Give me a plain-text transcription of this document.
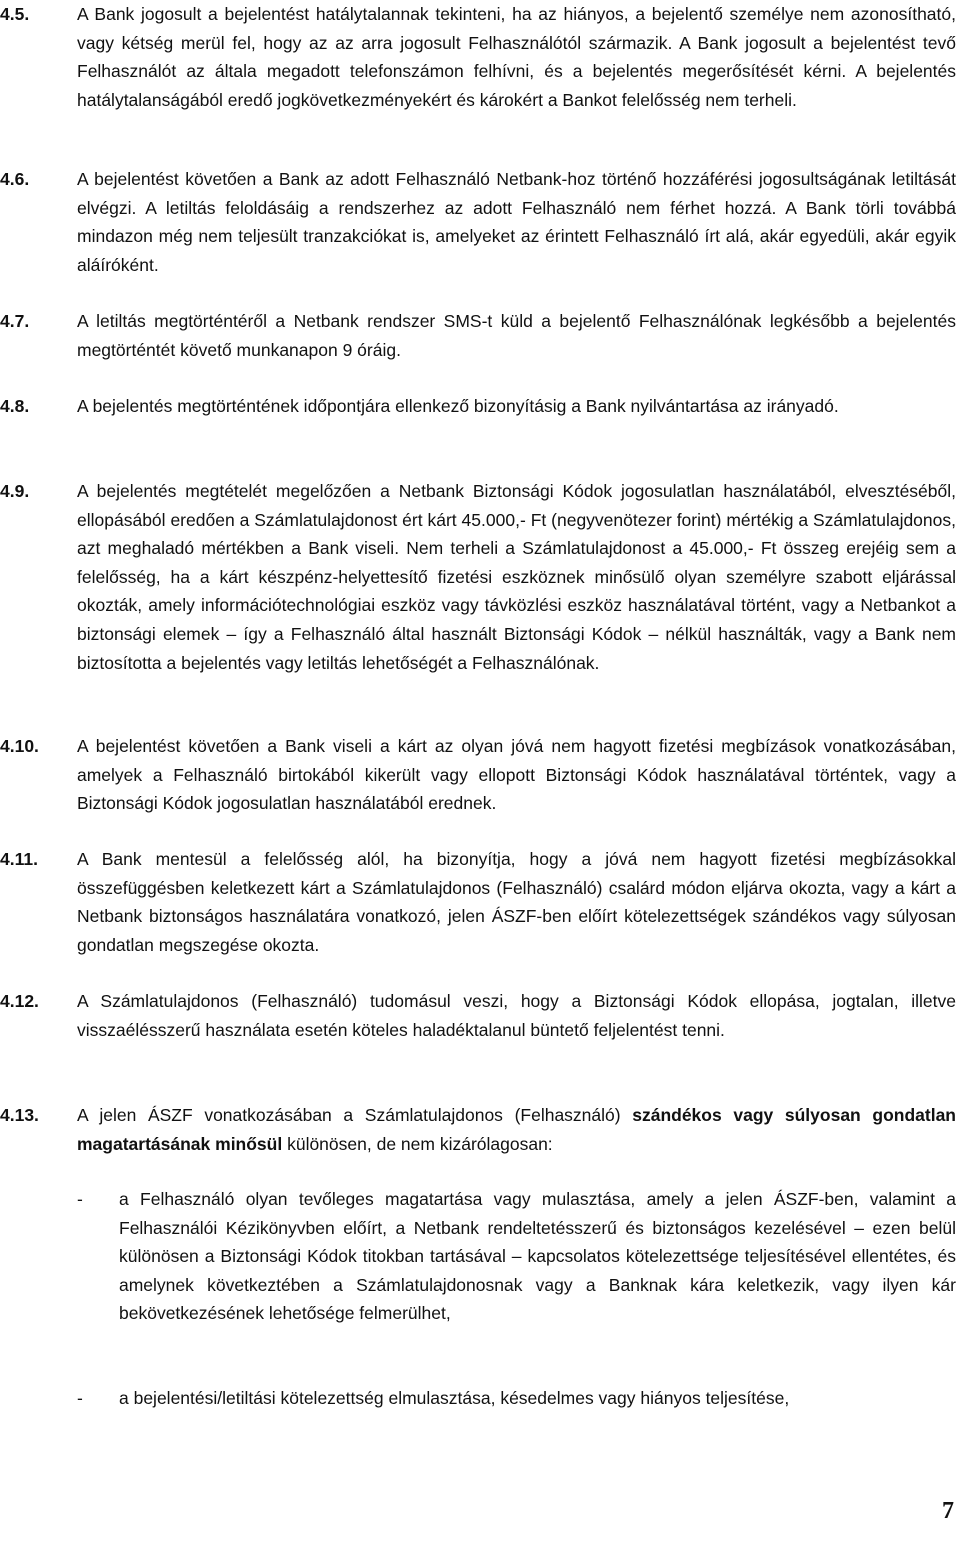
4.5.	A Bank jogosult a bejelentést hatálytalannak tekinteni, ha az hiányos, a bejelentő személye nem azonosítható, vagy kétség merül fel, hogy az az arra jogosult Felhasználótól származik. A Bank jogosult a bejelentést tevő Felhasználót az általa megadott telefonszámon felhívni, és a bejelentés megerősítését kérni. A bejelentés hatálytalanságából eredő jogkövetkezményekért és károkért a Bankot felelősség nem terheli.
4.6.	A bejelentést követően a Bank az adott Felhasználó Netbank-hoz történő hozzáférési jogosultságának letiltását elvégzi. A letiltás feloldásáig a rendszerhez az adott Felhasználó nem férhet hozzá. A Bank törli továbbá mindazon még nem teljesült tranzakciókat is, amelyeket az érintett Felhasználó írt alá, akár egyedüli, akár egyik aláíróként.
4.7.	A letiltás megtörténtéről a Netbank rendszer SMS-t küld a bejelentő Felhasználónak legkésőbb a bejelentés megtörténtét követő munkanapon 9 óráig.
4.8.	A bejelentés megtörténtének időpontjára ellenkező bizonyításig a Bank nyilvántartása az irányadó.
4.9.	A bejelentés megtételét megelőzően a Netbank Biztonsági Kódok jogosulatlan használatából, elvesztéséből, ellopásából eredően a Számlatulajdonost ért kárt 45.000,- Ft (negyvenötezer forint) mértékig a Számlatulajdonos, azt meghaladó mértékben a Bank viseli. Nem terheli a Számlatulajdonost a 45.000,- Ft összeg erejéig sem a felelősség, ha a kárt készpénz-helyettesítő fizetési eszköznek minősülő olyan személyre szabott eljárással okozták, amely információtechnológiai eszköz vagy távközlési eszköz használatával történt, vagy a Netbankot a biztonsági elemek – így a Felhasználó által használt Biztonsági Kódok – nélkül használták, vagy a Bank nem biztosította a bejelentés vagy letiltás lehetőségét a Felhasználónak.
4.10. A bejelentést követően a Bank viseli a kárt az olyan jóvá nem hagyott fizetési megbízások vonatkozásában, amelyek a Felhasználó birtokából kikerült vagy ellopott Biztonsági Kódok használatával történtek, vagy a Biztonsági Kódok jogosulatlan használatából erednek.
4.11. A Bank mentesül a felelősség alól, ha bizonyítja, hogy a jóvá nem hagyott fizetési megbízásokkal összefüggésben keletkezett kárt a Számlatulajdonos (Felhasználó) csalárd módon eljárva okozta, vagy a kárt a Netbank biztonságos használatára vonatkozó, jelen ÁSZF-ben előírt kötelezettségek szándékos vagy súlyosan gondatlan megszegése okozta.
4.12. A Számlatulajdonos (Felhasználó) tudomásul veszi, hogy a Biztonsági Kódok ellopása, jogtalan, illetve visszaélésszerű használata esetén köteles haladéktalanul büntető feljelentést tenni.
4.13. A jelen ÁSZF vonatkozásában a Számlatulajdonos (Felhasználó) szándékos vagy súlyosan gondatlan magatartásának minősül különösen, de nem kizárólagosan:
- a Felhasználó olyan tevőleges magatartása vagy mulasztása, amely a jelen ÁSZF-ben, valamint a Felhasználói Kézikönyvben előírt, a Netbank rendeltetésszerű és biztonságos kezelésével – ezen belül különösen a Biztonsági Kódok titokban tartásával – kapcsolatos kötelezettsége teljesítésével ellentétes, és amelynek következtében a Számlatulajdonosnak vagy a Banknak kára keletkezik, vagy ilyen kár bekövetkezésének lehetősége felmerülhet,
- a bejelentési/letiltási kötelezettség elmulasztása, késedelmes vagy hiányos teljesítése,
7
